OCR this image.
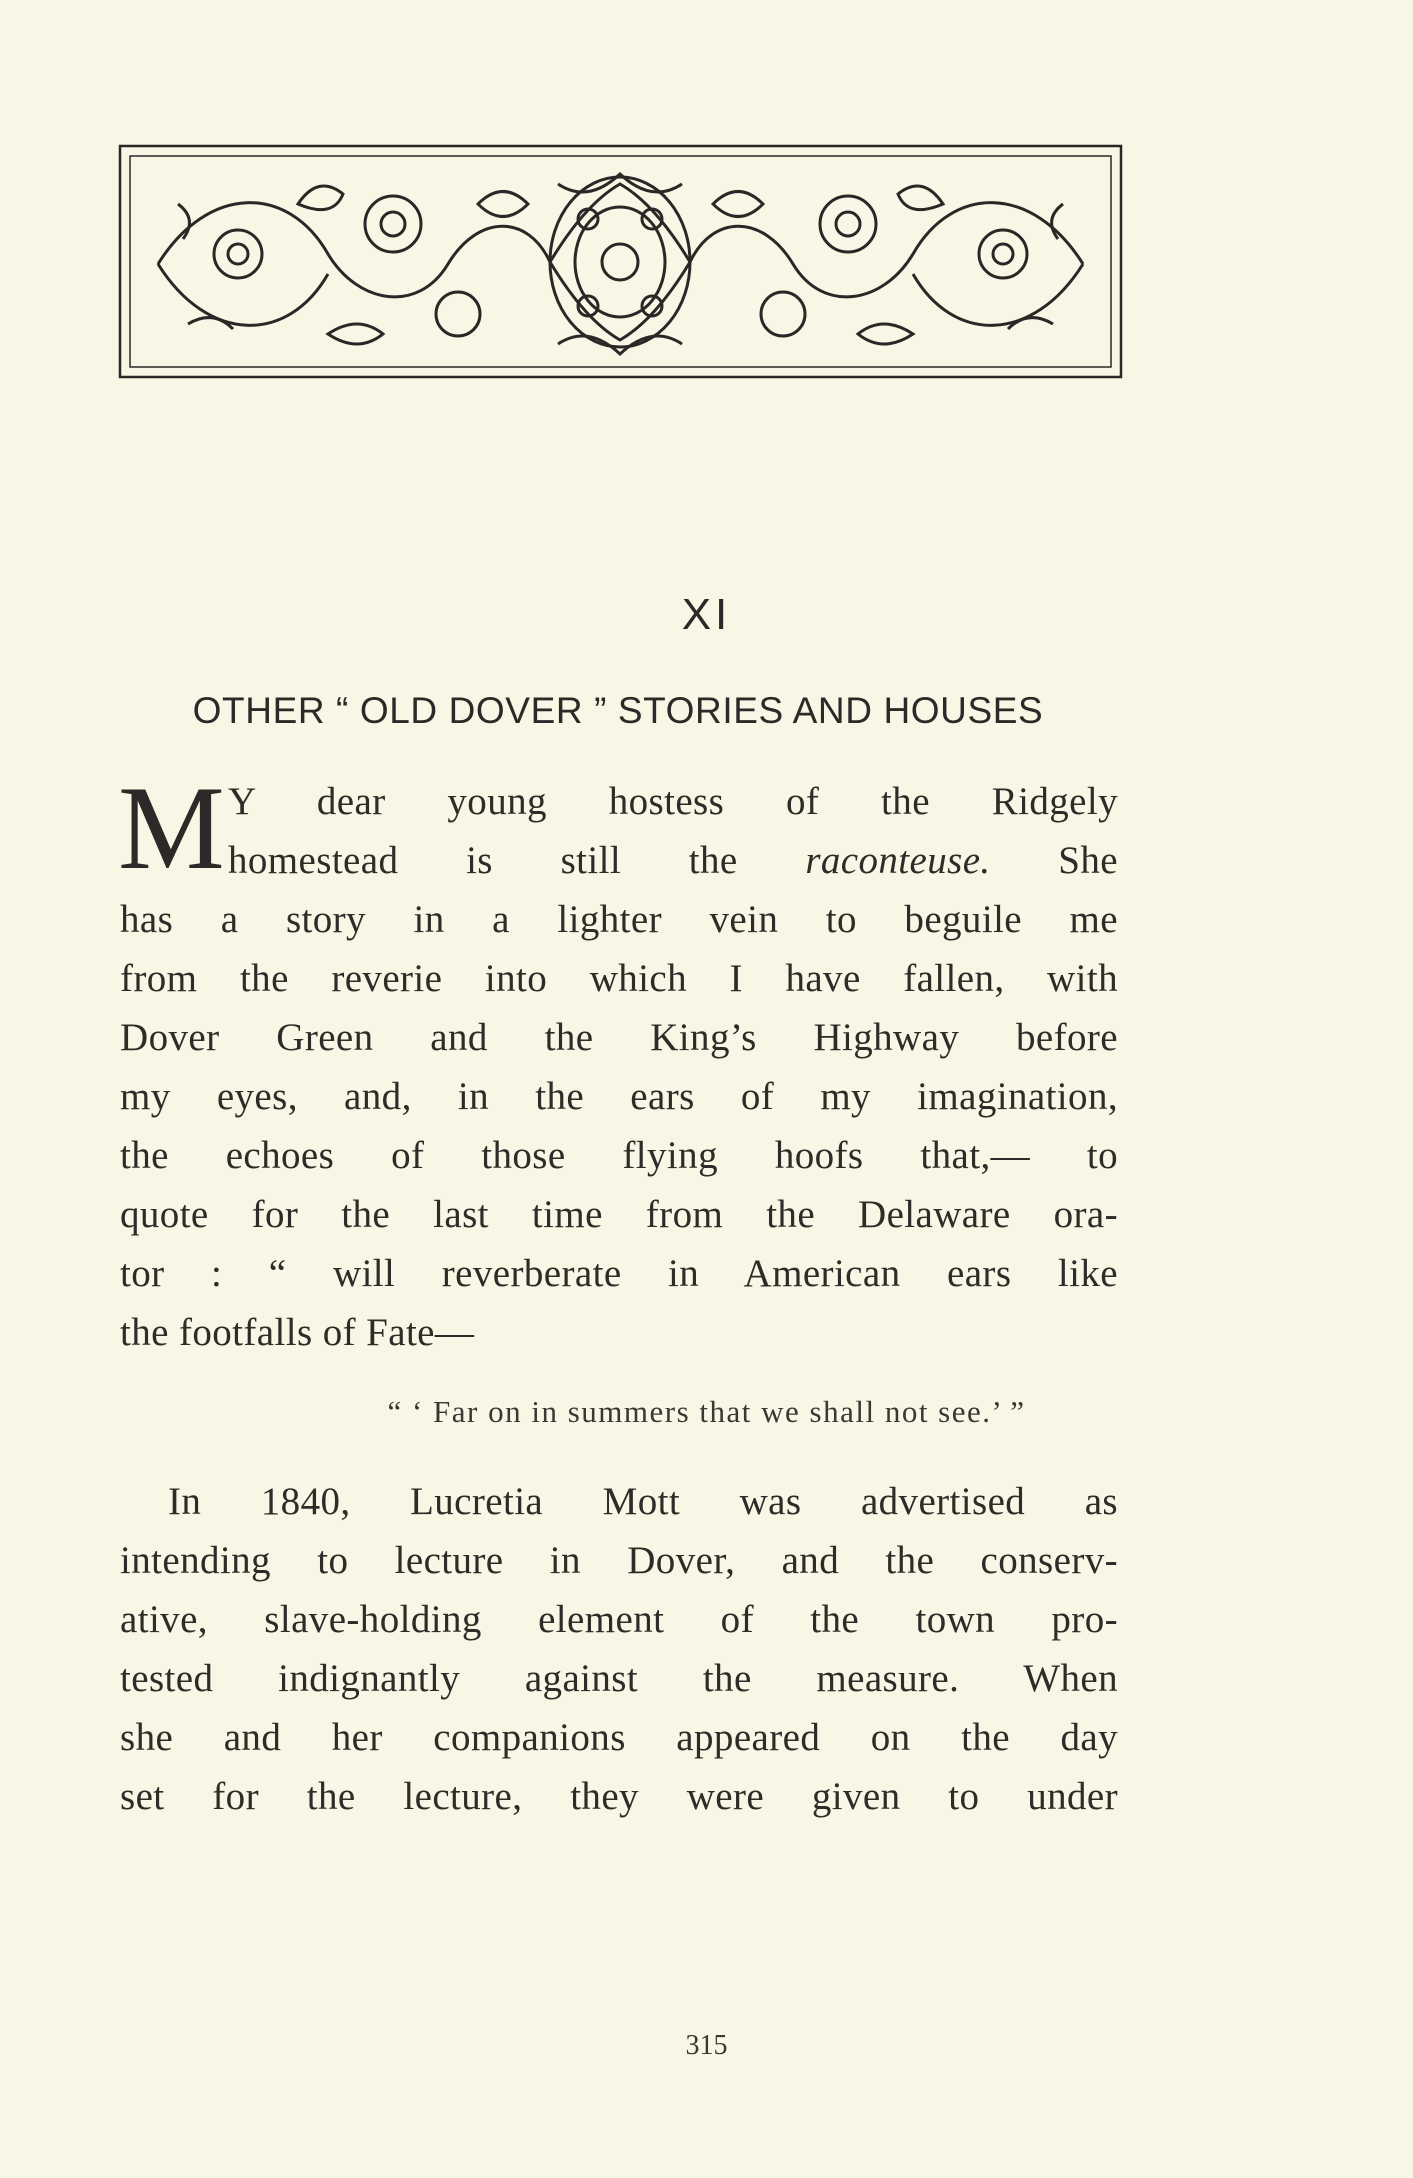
XI
OTHER “ OLD DOVER ” STORIES AND HOUSES
M Y dear young hostess of the Ridgely
homestead is still the raconteuse. She
has a story in a lighter vein to beguile me
from the reverie into which I have fallen, with
Dover Green and the King’s Highway before
my eyes, and, in the ears of my imagination,
the echoes of those flying hoofs that,— to
quote for the last time from the Delaware ora-
tor : “ will reverberate in American ears like
the footfalls of Fate—
“ ‘ Far on in summers that we shall not see.’ ”
In 1840, Lucretia Mott was advertised as
intending to lecture in Dover, and the conserv-
ative, slave-holding element of the town pro-
tested indignantly against the measure. When
she and her companions appeared on the day
set for the lecture, they were given to under
315
